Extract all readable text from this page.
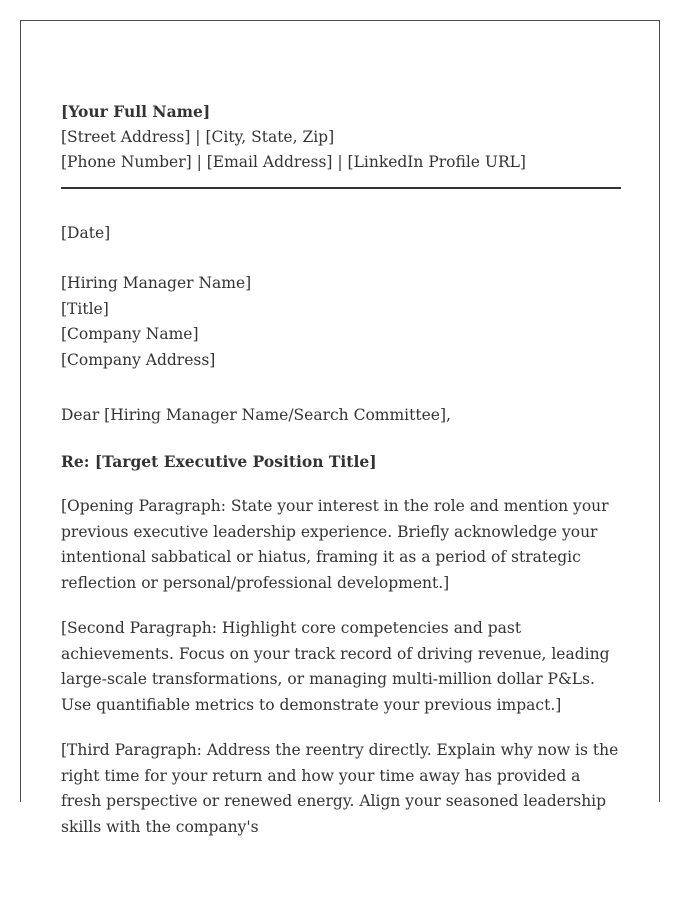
[Your Full Name]

[Street Address] | [City, State, Zip]

[Phone Number] | [Email Address] | [LinkedIn Profile URL]

[Date]

[Hiring Manager Name]

[Title]

[Company Name]

[Company Address]

Dear [Hiring Manager Name/Search Committee],

Re: [Target Executive Position Title]

[Opening Paragraph: State your interest in the role and mention your previous executive leadership experience. Briefly acknowledge your intentional sabbatical or hiatus, framing it as a period of strategic reflection or personal/professional development.]

[Second Paragraph: Highlight core competencies and past achievements. Focus on your track record of driving revenue, leading large-scale transformations, or managing multi-million dollar P&Ls. Use quantifiable metrics to demonstrate your previous impact.]

[Third Paragraph: Address the reentry directly. Explain why now is the right time for your return and how your time away has provided a fresh perspective or renewed energy. Align your seasoned leadership skills with the company's
